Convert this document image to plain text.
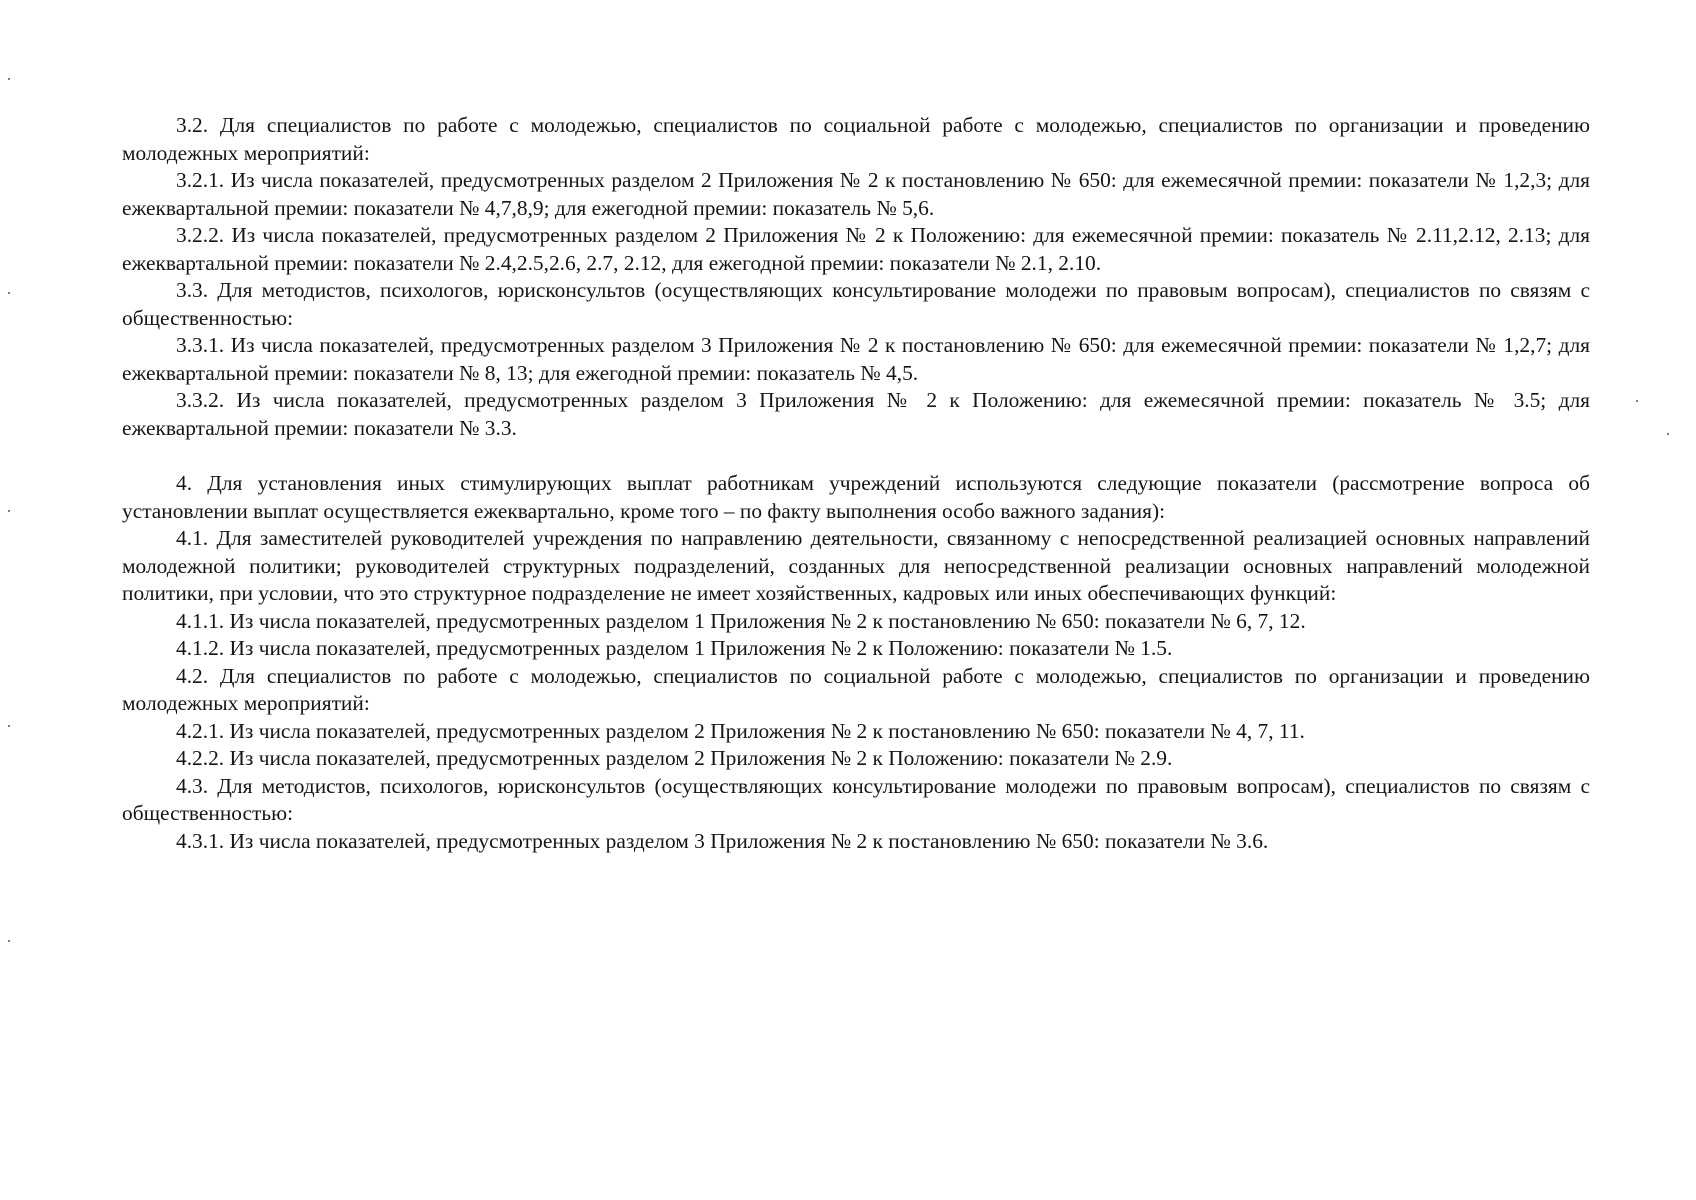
3.2. Для специалистов по работе с молодежью, специалистов по социальной работе с молодежью, специалистов по организации и проведению молодежных мероприятий:

3.2.1. Из числа показателей, предусмотренных разделом 2 Приложения № 2 к постановлению № 650: для ежемесячной премии: показатели № 1,2,3; для ежеквартальной премии: показатели № 4,7,8,9; для ежегодной премии: показатель № 5,6.

3.2.2. Из числа показателей, предусмотренных разделом 2 Приложения № 2 к Положению: для ежемесячной премии: показатель № 2.11,2.12, 2.13; для ежеквартальной премии: показатели № 2.4,2.5,2.6, 2.7, 2.12, для ежегодной премии: показатели № 2.1, 2.10.

3.3. Для методистов, психологов, юрисконсультов (осуществляющих консультирование молодежи по правовым вопросам), специалистов по связям с общественностью:

3.3.1. Из числа показателей, предусмотренных разделом 3 Приложения № 2 к постановлению № 650: для ежемесячной премии: показатели № 1,2,7; для ежеквартальной премии: показатели № 8, 13; для ежегодной премии: показатель № 4,5.

3.3.2. Из числа показателей, предусмотренных разделом 3 Приложения № 2 к Положению: для ежемесячной премии: показатель № 3.5; для ежеквартальной премии: показатели № 3.3.

4. Для установления иных стимулирующих выплат работникам учреждений используются следующие показатели (рассмотрение вопроса об установлении выплат осуществляется ежеквартально, кроме того – по факту выполнения особо важного задания):

4.1. Для заместителей руководителей учреждения по направлению деятельности, связанному с непосредственной реализацией основных направлений молодежной политики; руководителей структурных подразделений, созданных для непосредственной реализации основных направлений молодежной политики, при условии, что это структурное подразделение не имеет хозяйственных, кадровых или иных обеспечивающих функций:

4.1.1. Из числа показателей, предусмотренных разделом 1 Приложения № 2 к постановлению № 650: показатели № 6, 7, 12.

4.1.2. Из числа показателей, предусмотренных разделом 1 Приложения № 2 к Положению: показатели № 1.5.

4.2. Для специалистов по работе с молодежью, специалистов по социальной работе с молодежью, специалистов по организации и проведению молодежных мероприятий:

4.2.1. Из числа показателей, предусмотренных разделом 2 Приложения № 2 к постановлению № 650: показатели № 4, 7, 11.

4.2.2. Из числа показателей, предусмотренных разделом 2 Приложения № 2 к Положению: показатели № 2.9.

4.3. Для методистов, психологов, юрисконсультов (осуществляющих консультирование молодежи по правовым вопросам), специалистов по связям с общественностью:

4.3.1. Из числа показателей, предусмотренных разделом 3 Приложения № 2 к постановлению № 650: показатели № 3.6.
